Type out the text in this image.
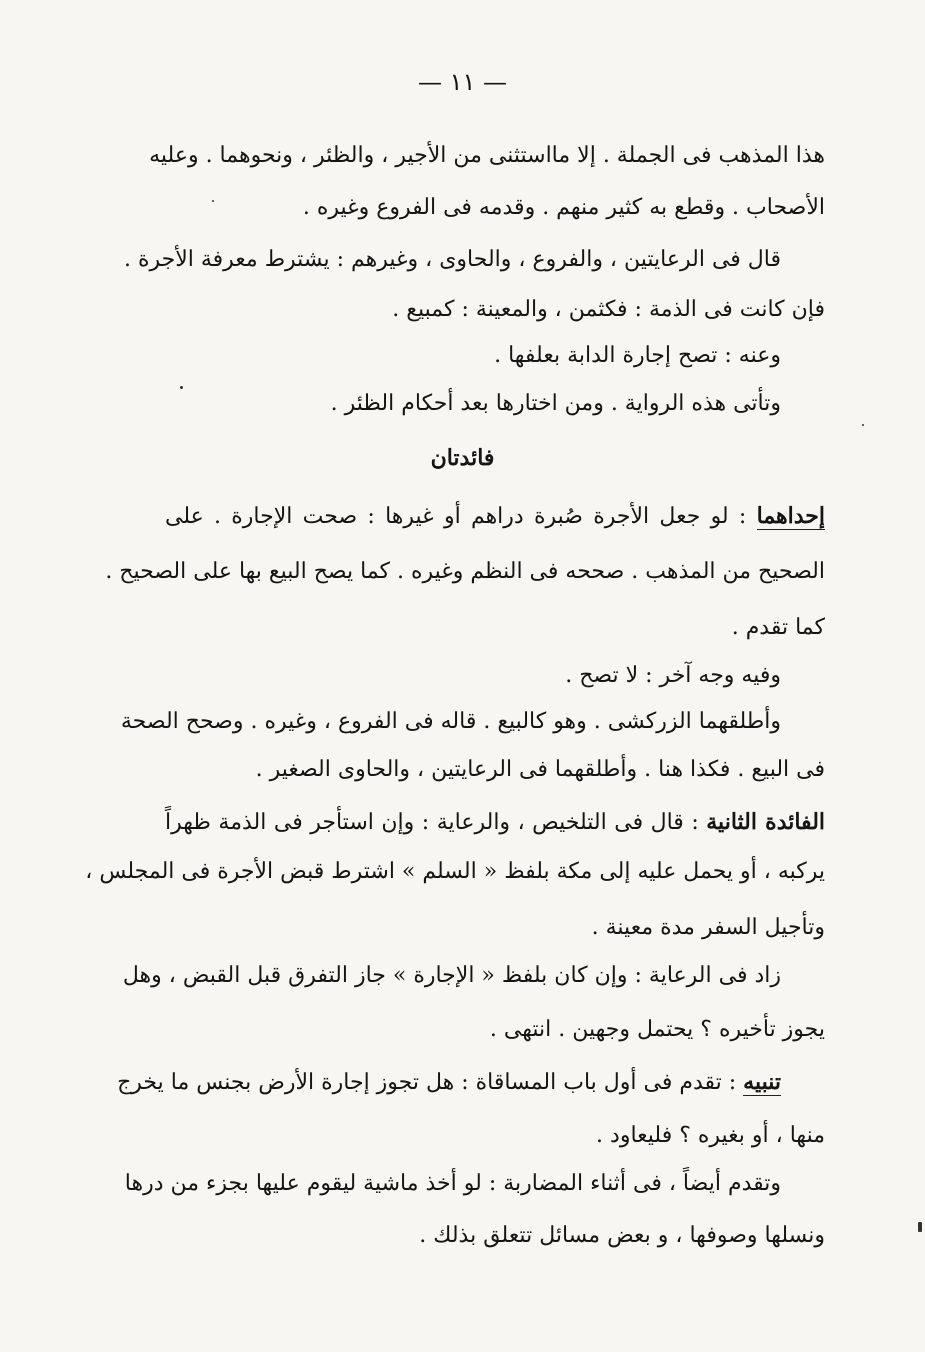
— ١١ —
هذا المذهب فى الجملة . إلا مااستثنى من الأجير ، والظئر ، ونحوهما . وعليه
الأصحاب . وقطع به كثير منهم . وقدمه فى الفروع وغيره .
قال فى الرعايتين ، والفروع ، والحاوى ، وغيرهم : يشترط معرفة الأجرة .
فإن كانت فى الذمة : فكثمن ، والمعينة : كمبيع .
وعنه : تصح إجارة الدابة بعلفها .
وتأتى هذه الرواية . ومن اختارها بعد أحكام الظئر .
فائدتان
إحداهما : لو جعل الأجرة صُبرة دراهم أو غيرها : صحت الإجارة . على
الصحيح من المذهب . صححه فى النظم وغيره . كما يصح البيع بها على الصحيح .
كما تقدم .
وفيه وجه آخر : لا تصح .
وأطلقهما الزركشى . وهو كالبيع . قاله فى الفروع ، وغيره . وصحح الصحة
فى البيع . فكذا هنا . وأطلقهما فى الرعايتين ، والحاوى الصغير .
الفائدة الثانية : قال فى التلخيص ، والرعاية : وإن استأجر فى الذمة ظهراً
يركبه ، أو يحمل عليه إلى مكة بلفظ « السلم » اشترط قبض الأجرة فى المجلس ،
وتأجيل السفر مدة معينة .
زاد فى الرعاية : وإن كان بلفظ « الإجارة » جاز التفرق قبل القبض ، وهل
يجوز تأخيره ؟ يحتمل وجهين . انتهى .
تنبيه : تقدم فى أول باب المساقاة : هل تجوز إجارة الأرض بجنس ما يخرج
منها ، أو بغيره ؟ فليعاود .
وتقدم أيضاً ، فى أثناء المضاربة : لو أخذ ماشية ليقوم عليها بجزء من درها
ونسلها وصوفها ، و بعض مسائل تتعلق بذلك .
